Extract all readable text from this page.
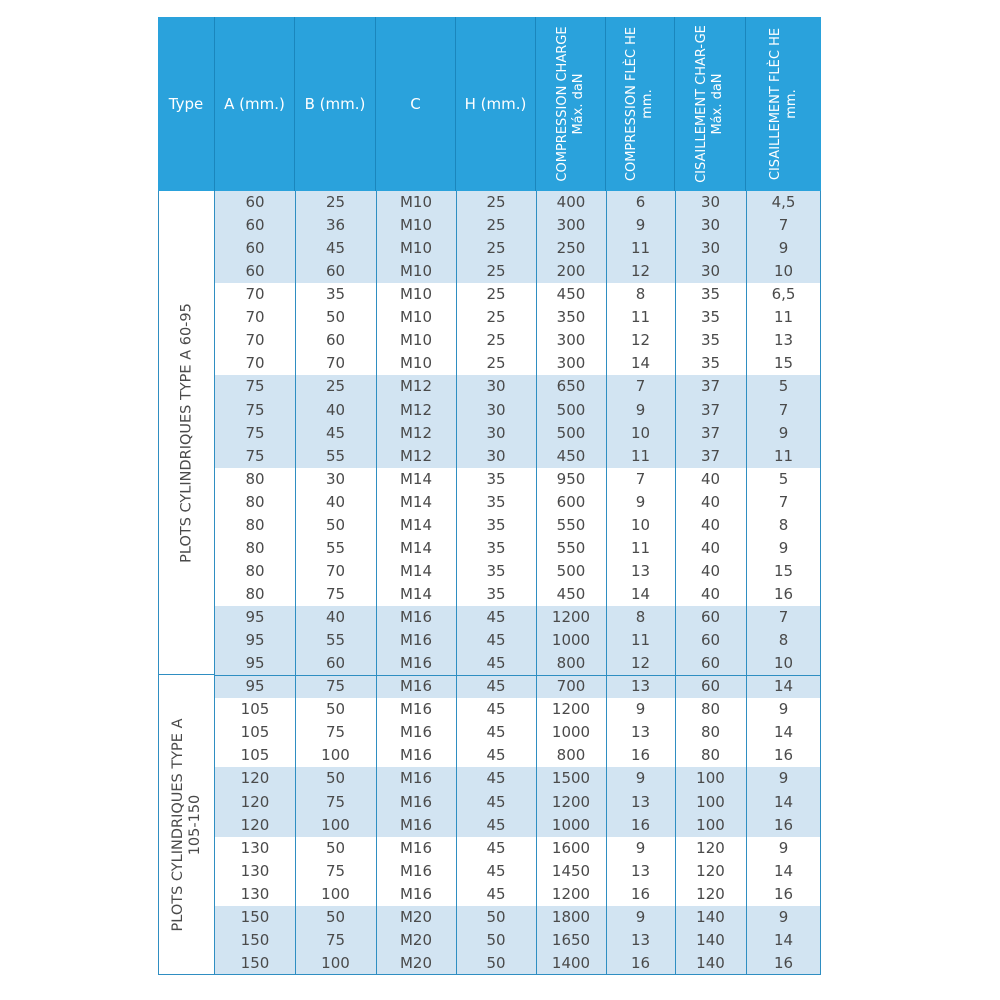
Type	A (mm.)	B (mm.)	C	H (mm.)	COMPRESSION CHARGE Máx. daN	COMPRESSION FLÈC HE mm.	CISAILLEMENT CHAR-GE Máx. daN	CISAILLEMENT FLÈC HE mm.
PLOTS CYLINDRIQUES TYPE A 60-95
PLOTS CYLINDRIQUES TYPE A
105-150
60	25	M10	25	400	6	30	4,5
60	36	M10	25	300	9	30	7
60	45	M10	25	250	11	30	9
60	60	M10	25	200	12	30	10
70	35	M10	25	450	8	35	6,5
70	50	M10	25	350	11	35	11
70	60	M10	25	300	12	35	13
70	70	M10	25	300	14	35	15
75	25	M12	30	650	7	37	5
75	40	M12	30	500	9	37	7
75	45	M12	30	500	10	37	9
75	55	M12	30	450	11	37	11
80	30	M14	35	950	7	40	5
80	40	M14	35	600	9	40	7
80	50	M14	35	550	10	40	8
80	55	M14	35	550	11	40	9
80	70	M14	35	500	13	40	15
80	75	M14	35	450	14	40	16
95	40	M16	45	1200	8	60	7
95	55	M16	45	1000	11	60	8
95	60	M16	45	800	12	60	10
95	75	M16	45	700	13	60	14
105	50	M16	45	1200	9	80	9
105	75	M16	45	1000	13	80	14
105	100	M16	45	800	16	80	16
120	50	M16	45	1500	9	100	9
120	75	M16	45	1200	13	100	14
120	100	M16	45	1000	16	100	16
130	50	M16	45	1600	9	120	9
130	75	M16	45	1450	13	120	14
130	100	M16	45	1200	16	120	16
150	50	M20	50	1800	9	140	9
150	75	M20	50	1650	13	140	14
150	100	M20	50	1400	16	140	16
